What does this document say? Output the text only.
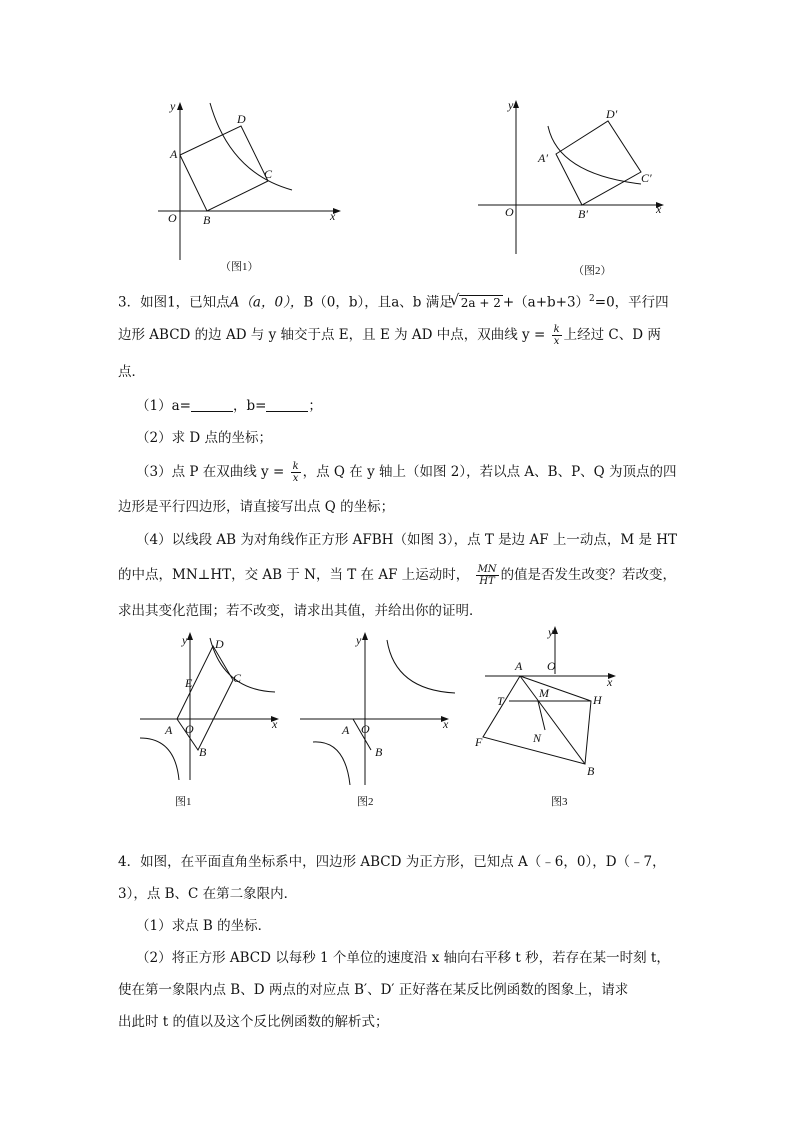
y
x
O
A
B
C
D
（图1）
y
x
O
A′
B′
C′
D′
（图2）
3．如图1，已知点A（a，0），B（0，b），且a、b 满足√ $2a + 2 +(a+b+3)^2=0$，平行四
边形 ABCD 的边 AD 与 y 轴交于点 E，且 E 为 AD 中点，双曲线 $y = \frac{k}{x}$ 上经过 C、D 两
点．
（1）a=	，b=	；
（2）求 D 点的坐标；
（3）点 P 在双曲线 $y = \frac{k}{x}$ ，点 Q 在 y 轴上（如图 2），若以点 A、B、P、Q 为顶点的四
边形是平行四边形，请直接写出点 Q 的坐标；
（4）以线段 AB 为对角线作正方形 AFBH（如图 3），点 T 是边 AF 上一动点，M 是 HT
的中点，MN⊥HT，交 AB 于 N，当 T 在 AF 上运动时， $\frac{MN}{HT}$ 的值是否发生改变？若改变，
求出其变化范围；若不改变，请求出其值，并给出你的证明．
y
x
O
A
B
C
D
E
图1
y
x
O
A
B
图2
y
x
O
A
B
F
H
T
M
N
图3
4．如图，在平面直角坐标系中，四边形 ABCD 为正方形，已知点 A（﹣6，0），D（﹣7，
3），点 B、C 在第二象限内．
（1）求点 B 的坐标．
（2）将正方形 ABCD 以每秒 1 个单位的速度沿 x 轴向右平移 t 秒，若存在某一时刻 t，
使在第一象限内点 B、D 两点的对应点 B′、D′ 正好落在某反比例函数的图象上，请求
出此时 t 的值以及这个反比例函数的解析式；
